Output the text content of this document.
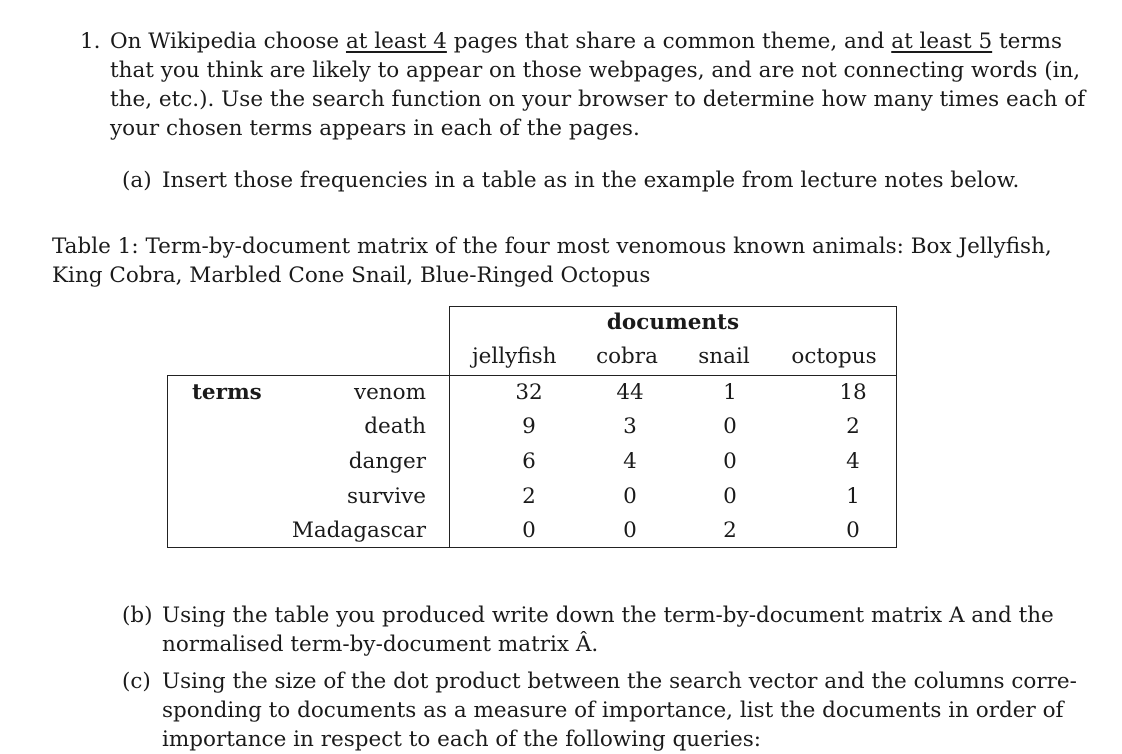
1. On Wikipedia choose at least 4 pages that share a common theme, and at least 5 terms
that you think are likely to appear on those webpages, and are not connecting words (in,
the, etc.). Use the search function on your browser to determine how many times each of
your chosen terms appears in each of the pages.
(a) Insert those frequencies in a table as in the example from lecture notes below.
Table 1: Term-by-document matrix of the four most venomous known animals: Box Jellyfish,
King Cobra, Marbled Cone Snail, Blue-Ringed Octopus
documents
jellyfish	cobra	snail	octopus
terms	venom	32	44	1	18
death	9	3	0	2
danger	6	4	0	4
survive	2	0	0	1
Madagascar	0	0	2	0
(b) Using the table you produced write down the term-by-document matrix A and the
normalised term-by-document matrix Â.
(c) Using the size of the dot product between the search vector and the columns corre-
sponding to documents as a measure of importance, list the documents in order of
importance in respect to each of the following queries:
